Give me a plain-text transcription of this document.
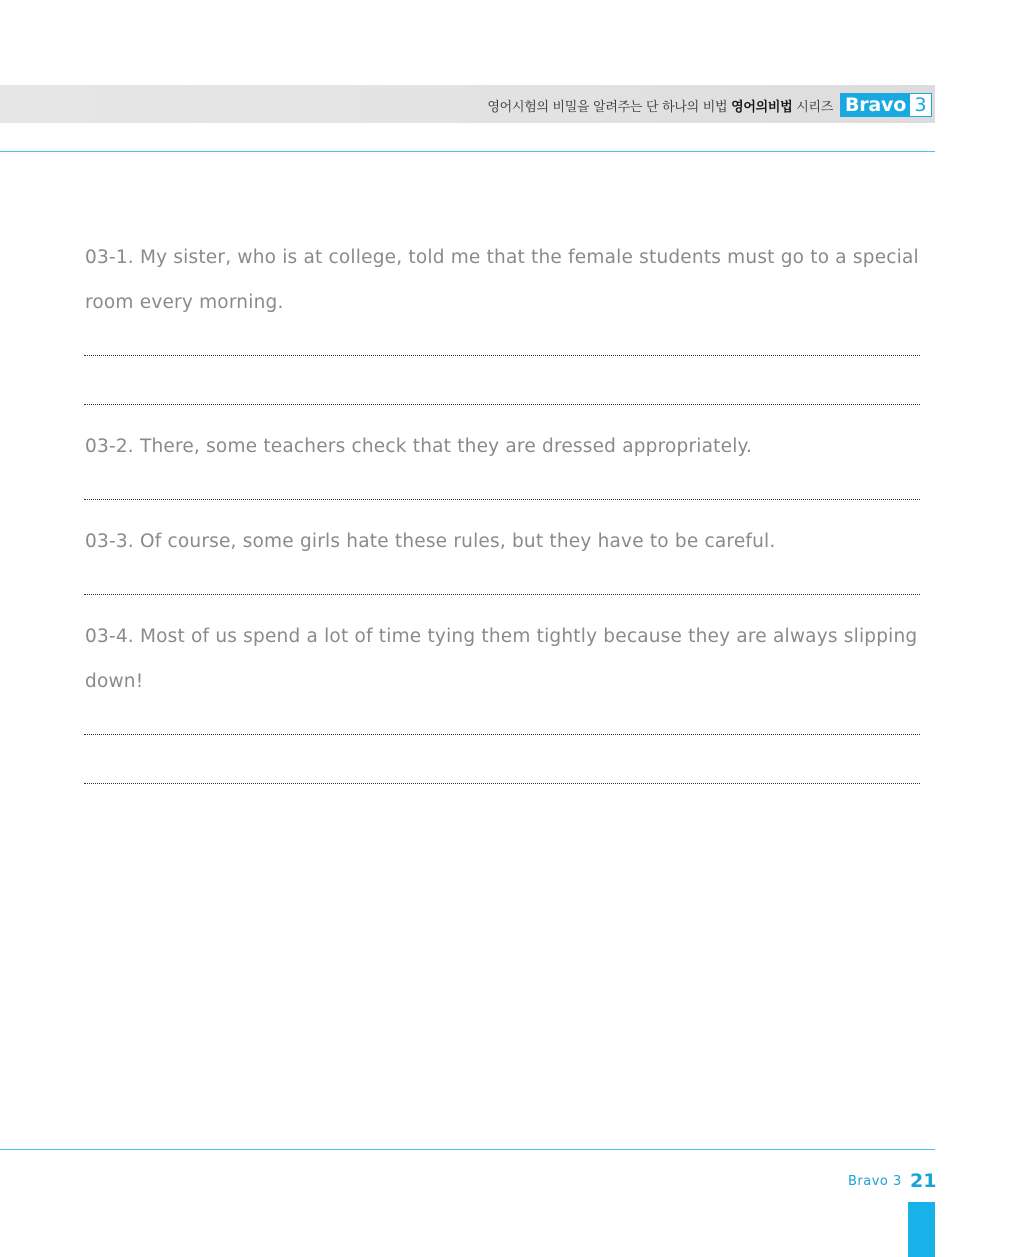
영어시험의 비밀을 알려주는 단 하나의 비법 영어의비법 시리즈 Bravo 3
03-1. My sister, who is at college, told me that the female students must go to a special room every morning.
03-2. There, some teachers check that they are dressed appropriately.
03-3. Of course, some girls hate these rules, but they have to be careful.
03-4. Most of us spend a lot of time tying them tightly because they are always slipping down!
Bravo 3 21
